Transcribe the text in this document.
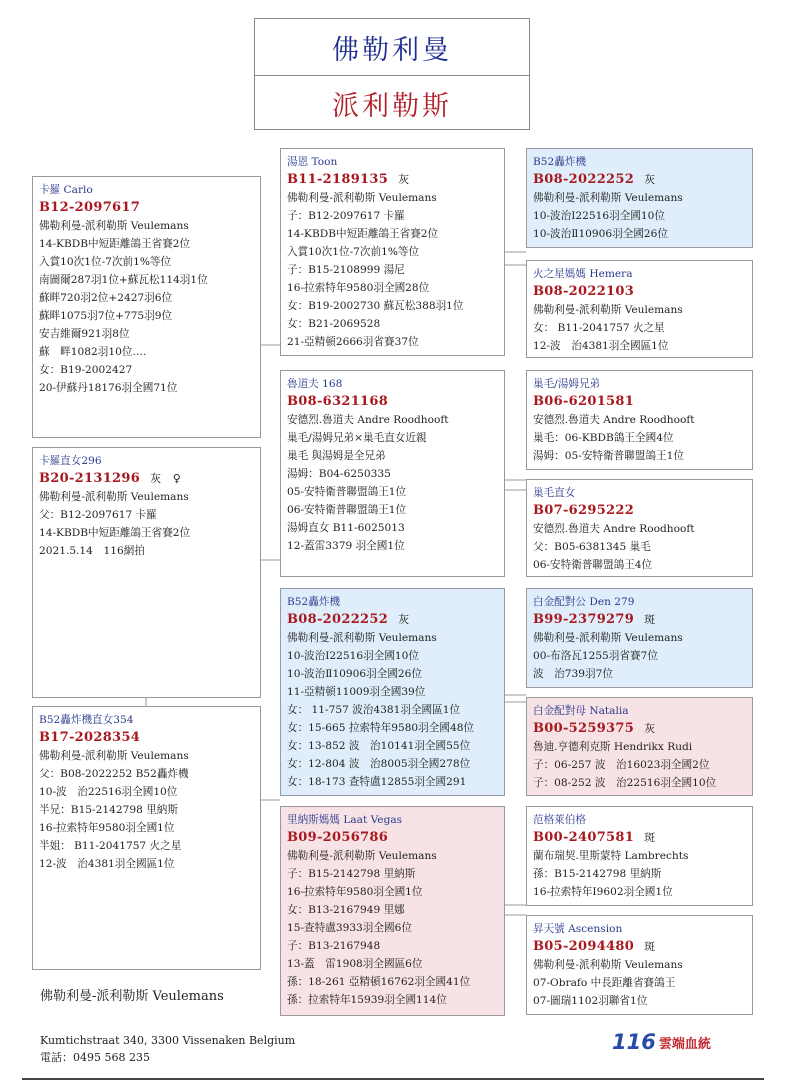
佛勒利曼
派利勒斯
卡羅 Carlo
B12-2097617
佛勒利曼-派利勒斯 Veulemans
14-KBDB中短距離鴿王省賽2位
入賞10次1位-7次前1%等位
南圖爾287羽1位+蘇瓦松114羽1位
蘇畔720羽2位+2427羽6位
蘇畔1075羽7位+775羽9位
安吉維爾921羽8位
蘇　畔1082羽10位….
女：B19-2002427
20-伊蘇丹18176羽全國71位
卡羅直女296
B20-2131296 灰　♀
佛勒利曼-派利勒斯 Veulemans
父：B12-2097617 卡羅
14-KBDB中短距離鴿王省賽2位
2021.5.14　116網拍
B52轟炸機直女354
B17-2028354
佛勒利曼-派利勒斯 Veulemans
父：B08-2022252 B52轟炸機
10-波　治22516羽全國10位
半兄：B15-2142798 里納斯
16-拉索特年9580羽全國1位
半姐： B11-2041757 火之星
12-波　治4381羽全國區1位
湯恩 Toon
B11-2189135 灰
佛勒利曼-派利勒斯 Veulemans
子：B12-2097617 卡羅
14-KBDB中短距離鴿王省賽2位
入賞10次1位-7次前1%等位
子：B15-2108999 湯尼
16-拉索特年9580羽全國28位
女：B19-2002730 蘇瓦松388羽1位
女：B21-2069528
21-亞精頓2666羽省賽37位
魯道夫 168
B08-6321168
安德烈.魯道夫 Andre Roodhooft
巢毛/湯姆兄弟×巢毛直女近親
巢毛 與湯姆是全兄弟
湯姆：B04-6250335
05-安特衛普聯盟鴿王1位
06-安特衛普聯盟鴿王1位
湯姆直女 B11-6025013
12-蓋雷3379 羽全國1位
B52轟炸機
B08-2022252 灰
佛勒利曼-派利勒斯 Veulemans
10-波治Ⅰ22516羽全國10位
10-波治Ⅱ10906羽全國26位
11-亞精頓11009羽全國39位
女： 11-757 波治4381羽全國區1位
女：15-665 拉索特年9580羽全國48位
女：13-852 波　治10141羽全國55位
女：12-804 波　治8005羽全國278位
女：18-173 查特盧12855羽全國291
里納斯媽媽 Laat Vegas
B09-2056786
佛勒利曼-派利勒斯 Veulemans
子：B15-2142798 里納斯
16-拉索特年9580羽全國1位
女：B13-2167949 里娜
15-查特盧3933羽全國6位
子：B13-2167948
13-蓋　雷1908羽全國區6位
孫：18-261 亞精頓16762羽全國41位
孫：拉索特年15939羽全國114位
B52轟炸機
B08-2022252 灰
佛勒利曼-派利勒斯 Veulemans
10-波治Ⅰ22516羽全國10位
10-波治Ⅱ10906羽全國26位
火之星媽媽 Hemera
B08-2022103
佛勒利曼-派利勒斯 Veulemans
女： B11-2041757 火之星
12-波　治4381羽全國區1位
巢毛/湯姆兄弟
B06-6201581
安德烈.魯道夫 Andre Roodhooft
巢毛：06-KBDB鴿王全國4位
湯姆：05-安特衛普聯盟鴿王1位
巢毛直女
B07-6295222
安德烈.魯道夫 Andre Roodhooft
父：B05-6381345 巢毛
06-安特衛普聯盟鴿王4位
白金配對公 Den 279
B99-2379279 斑
佛勒利曼-派利勒斯 Veulemans
00-布洛瓦1255羽省賽7位
波　治739羽7位
白金配對母 Natalia
B00-5259375 灰
魯迪.亨德利克斯 Hendrikx Rudi
子：06-257 波　治16023羽全國2位
子：08-252 波　治22516羽全國10位
范格萊伯格
B00-2407581 斑
蘭布瑞契.里斯蒙特 Lambrechts
孫：B15-2142798 里納斯
16-拉索特年Ⅰ9602羽全國1位
昇天號 Ascension
B05-2094480 斑
佛勒利曼-派利勒斯 Veulemans
07-Obrafo 中長距離省賽鴿王
07-圖瑞1102羽聯省1位
佛勒利曼-派利勒斯 Veulemans
Kumtichstraat 340, 3300 Vissenaken Belgium
電話：0495 568 235
116 雲端血統
